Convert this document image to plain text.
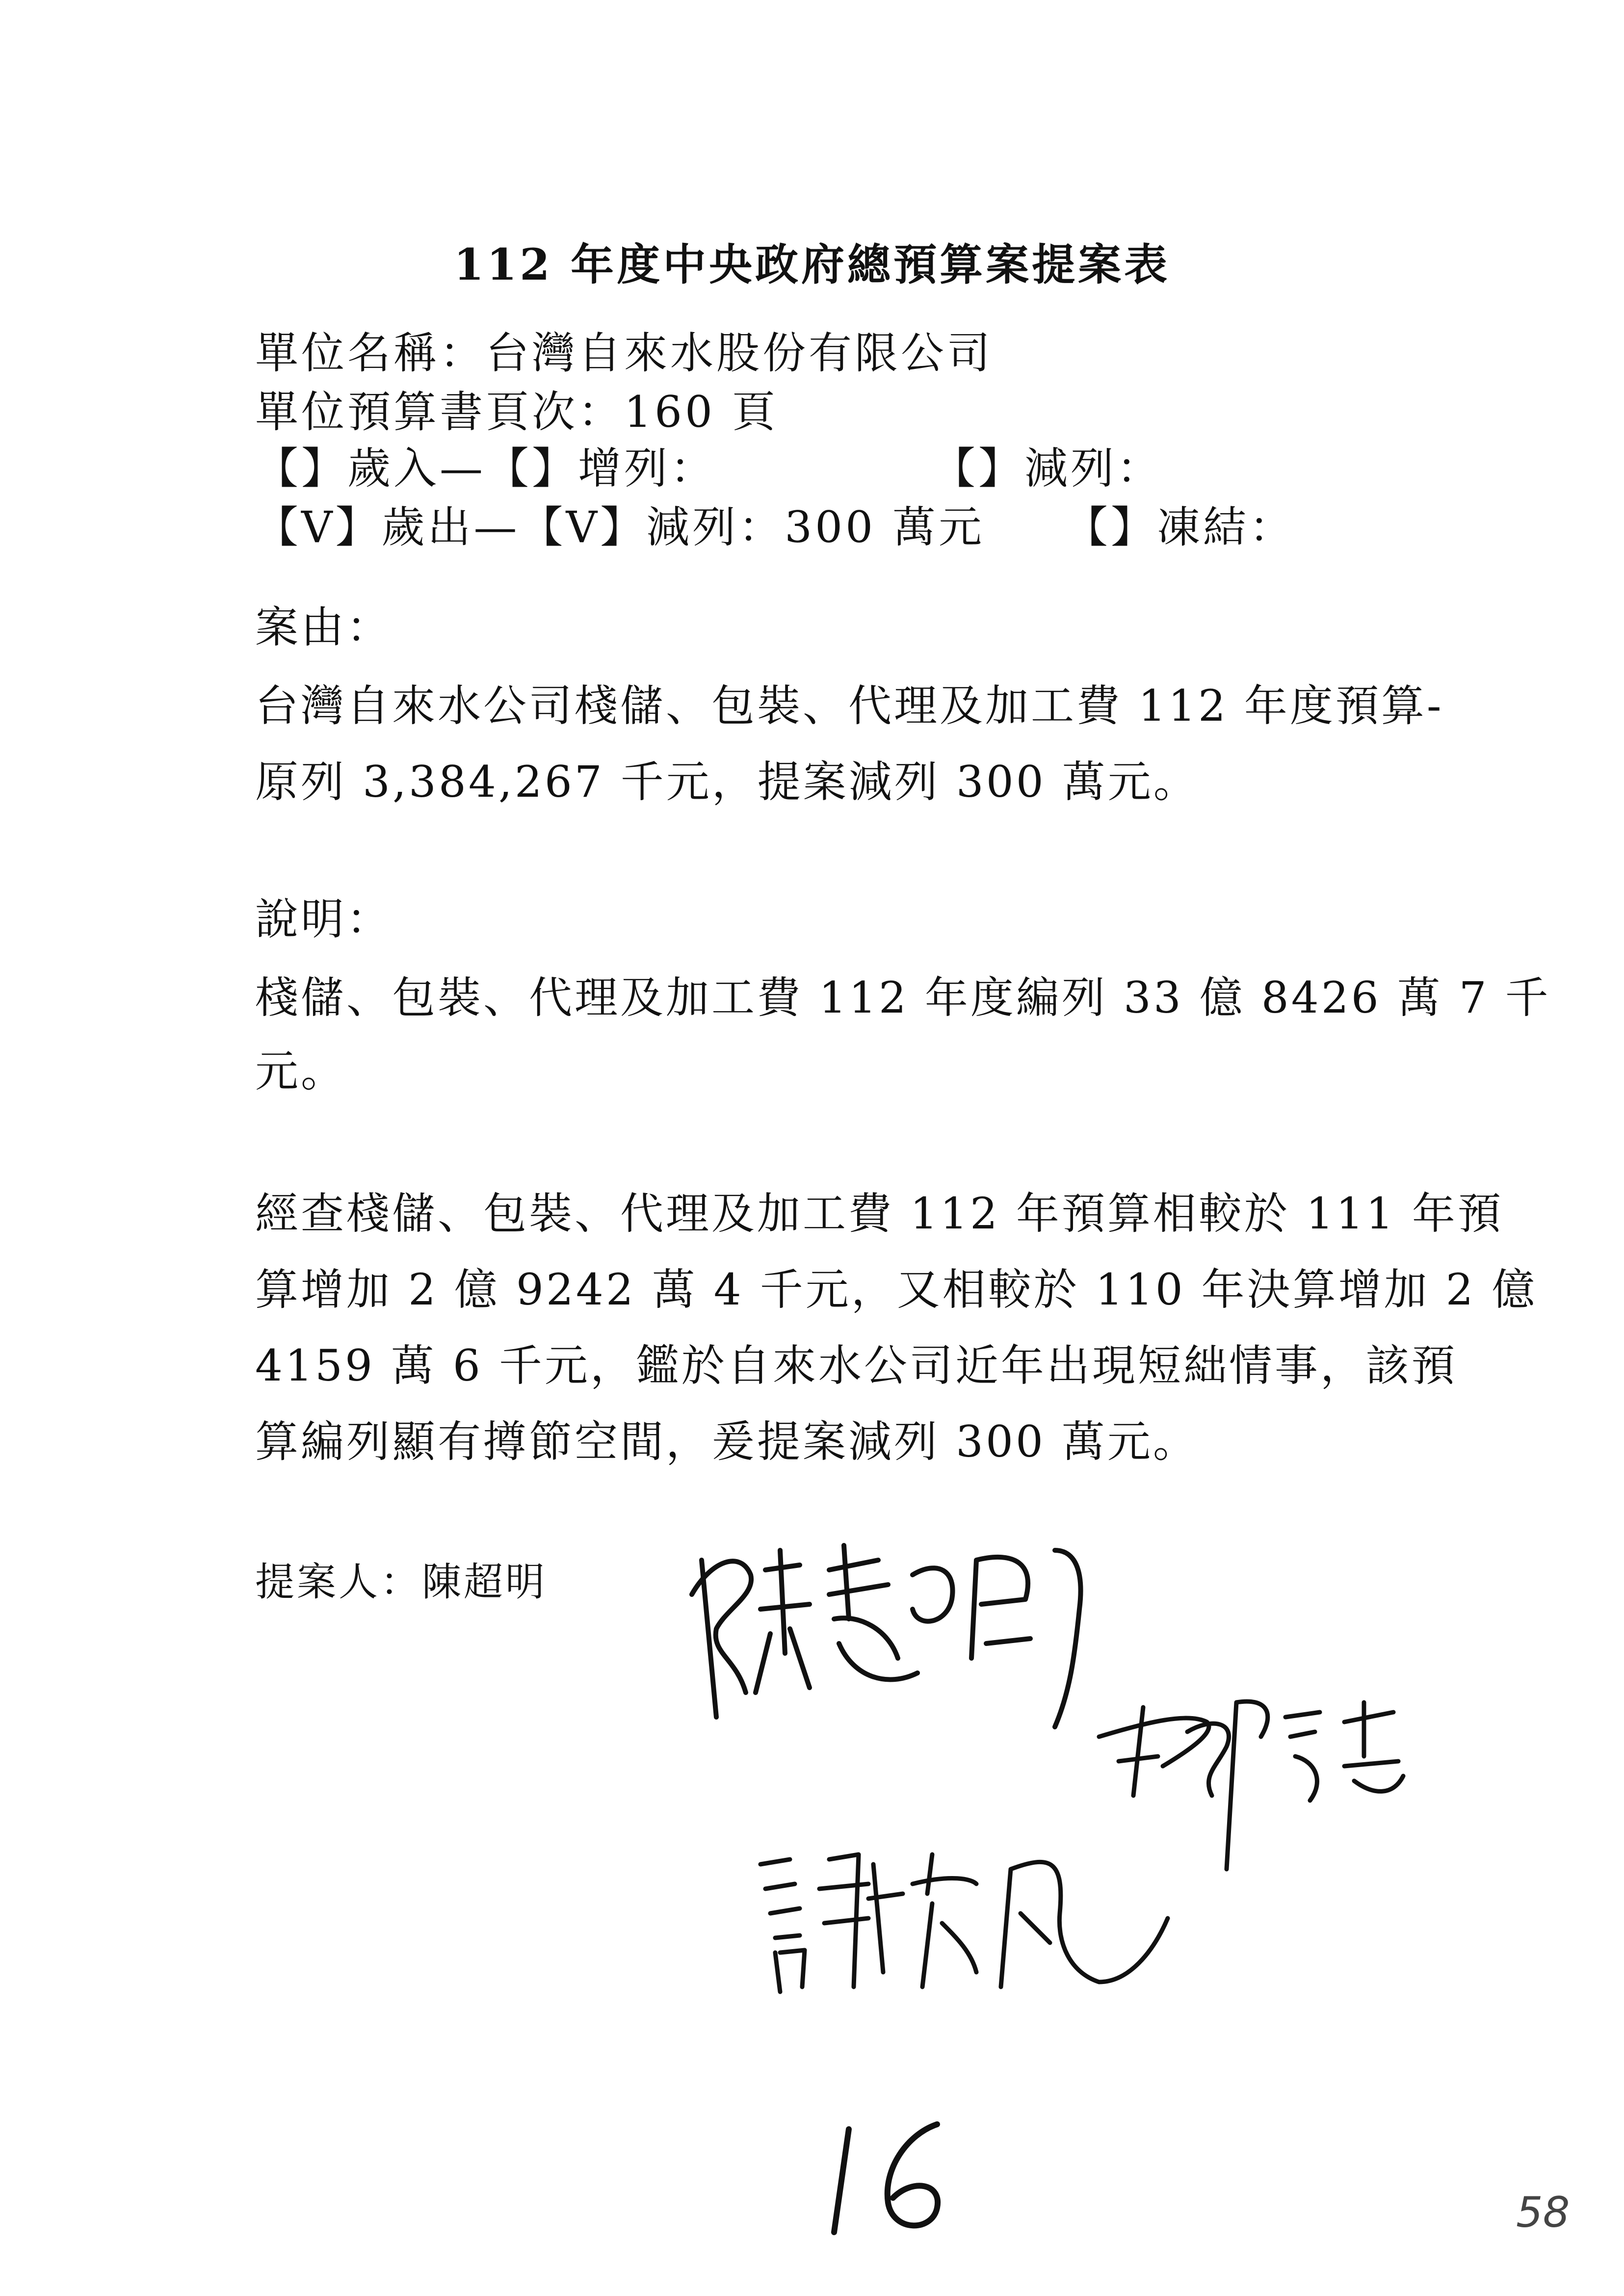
112 年度中央政府總預算案提案表
單位名稱：台灣自來水股份有限公司
單位預算書頁次：160 頁
【】歲入—【】增列：	【】減列：
【V】歲出—【V】減列：300 萬元 【】凍結：
案由：
台灣自來水公司棧儲、包裝、代理及加工費 112 年度預算-
原列 3,384,267 千元，提案減列 300 萬元。
說明：
棧儲、包裝、代理及加工費 112 年度編列 33 億 8426 萬 7 千
元。
經查棧儲、包裝、代理及加工費 112 年預算相較於 111 年預
算增加 2 億 9242 萬 4 千元，又相較於 110 年決算增加 2 億
4159 萬 6 千元，鑑於自來水公司近年出現短絀情事，該預
算編列顯有撙節空間，爰提案減列 300 萬元。
提案人：陳超明
58
